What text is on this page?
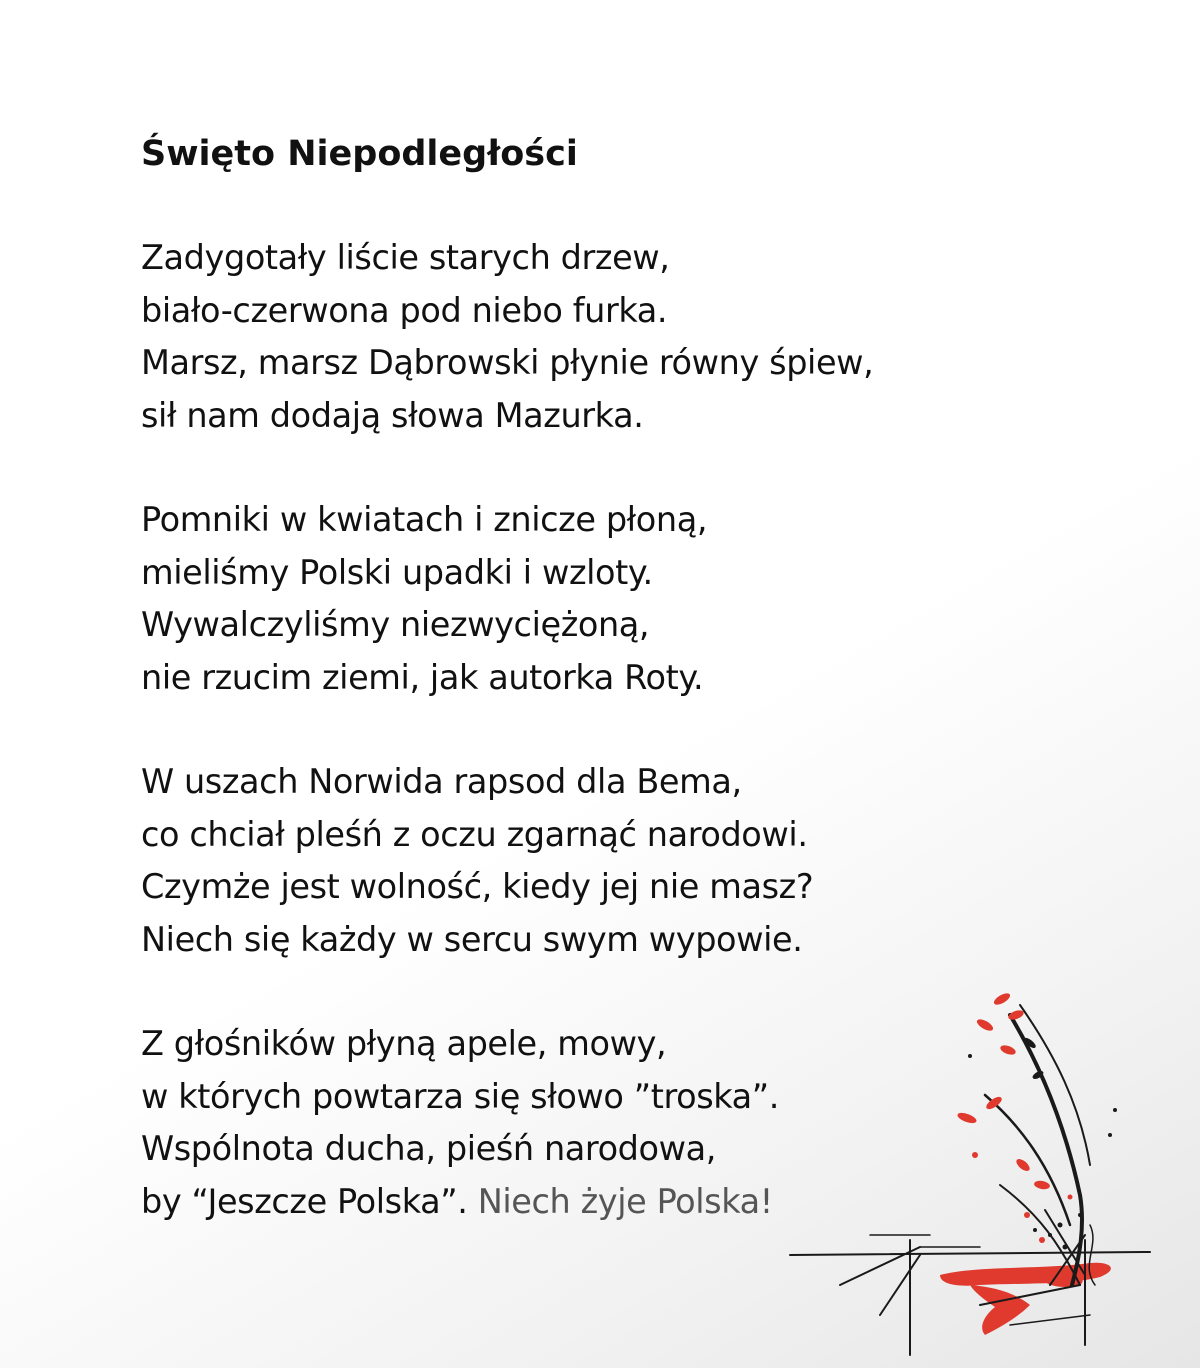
Święto Niepodległości
Zadygotały liście starych drzew,
biało-czerwona pod niebo furka.
Marsz, marsz Dąbrowski płynie równy śpiew,
sił nam dodają słowa Mazurka.
Pomniki w kwiatach i znicze płoną,
mieliśmy Polski upadki i wzloty.
Wywalczyliśmy niezwyciężoną,
nie rzucim ziemi, jak autorka Roty.
W uszach Norwida rapsod dla Bema,
co chciał pleśń z oczu zgarnąć narodowi.
Czymże jest wolność, kiedy jej nie masz?
Niech się każdy w sercu swym wypowie.
Z głośników płyną apele, mowy,
w których powtarza się słowo ”troska”.
Wspólnota ducha, pieśń narodowa,
by “Jeszcze Polska”. Niech żyje Polska!
